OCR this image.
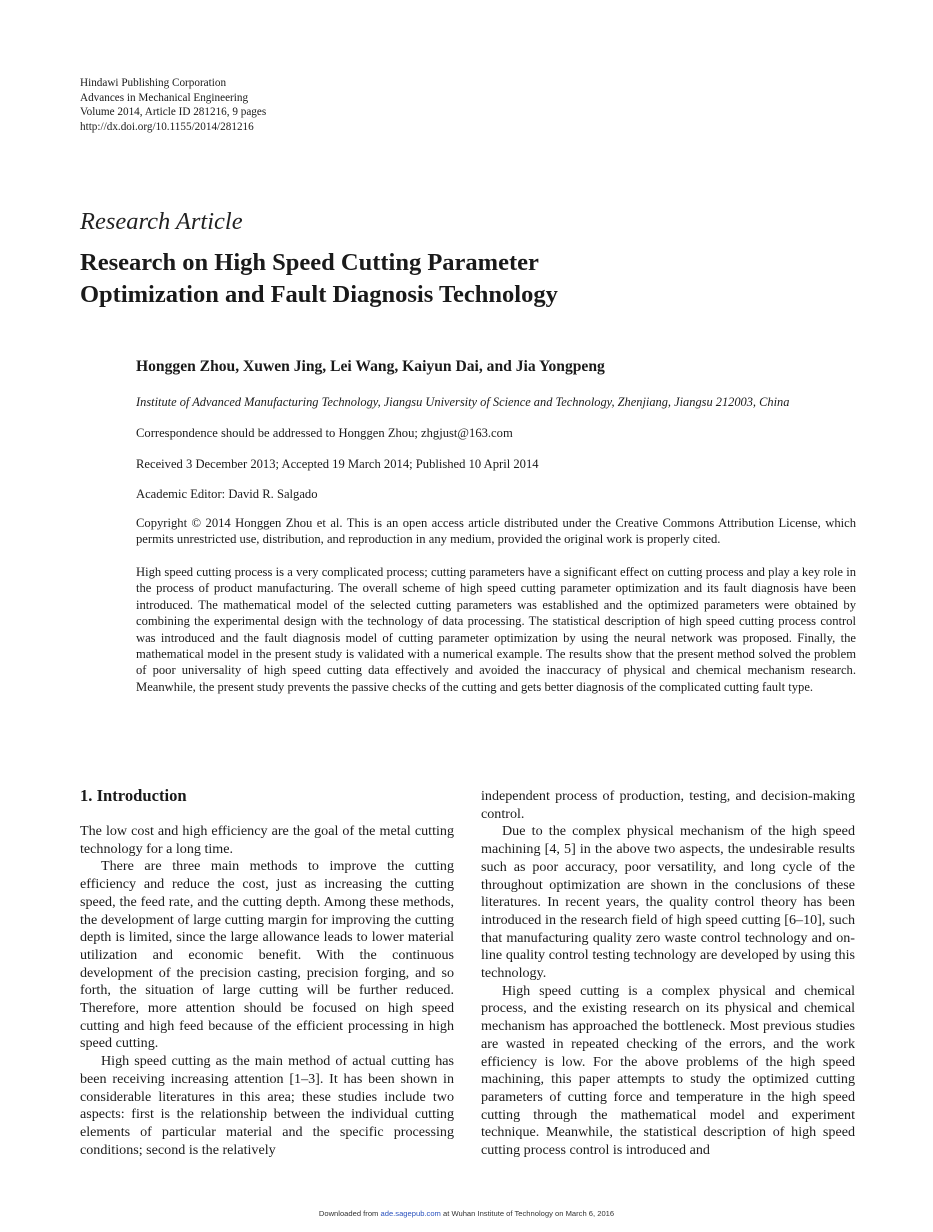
Hindawi Publishing Corporation
Advances in Mechanical Engineering
Volume 2014, Article ID 281216, 9 pages
http://dx.doi.org/10.1155/2014/281216
Research Article
Research on High Speed Cutting Parameter
Optimization and Fault Diagnosis Technology
Honggen Zhou, Xuwen Jing, Lei Wang, Kaiyun Dai, and Jia Yongpeng
Institute of Advanced Manufacturing Technology, Jiangsu University of Science and Technology, Zhenjiang, Jiangsu 212003, China
Correspondence should be addressed to Honggen Zhou; zhgjust@163.com
Received 3 December 2013; Accepted 19 March 2014; Published 10 April 2014
Academic Editor: David R. Salgado
Copyright © 2014 Honggen Zhou et al. This is an open access article distributed under the Creative Commons Attribution License, which permits unrestricted use, distribution, and reproduction in any medium, provided the original work is properly cited.
High speed cutting process is a very complicated process; cutting parameters have a significant effect on cutting process and play a key role in the process of product manufacturing. The overall scheme of high speed cutting parameter optimization and its fault diagnosis have been introduced. The mathematical model of the selected cutting parameters was established and the optimized parameters were obtained by combining the experimental design with the technology of data processing. The statistical description of high speed cutting process control was introduced and the fault diagnosis model of cutting parameter optimization by using the neural network was proposed. Finally, the mathematical model in the present study is validated with a numerical example. The results show that the present method solved the problem of poor universality of high speed cutting data effectively and avoided the inaccuracy of physical and chemical mechanism research. Meanwhile, the present study prevents the passive checks of the cutting and gets better diagnosis of the complicated cutting fault type.
1. Introduction

The low cost and high efficiency are the goal of the metal cutting technology for a long time.

There are three main methods to improve the cutting efficiency and reduce the cost, just as increasing the cutting speed, the feed rate, and the cutting depth. Among these methods, the development of large cutting margin for improving the cutting depth is limited, since the large allowance leads to lower material utilization and economic benefit. With the continuous development of the precision casting, precision forging, and so forth, the situation of large cutting will be further reduced. Therefore, more attention should be focused on high speed cutting and high feed because of the efficient processing in high speed cutting.

High speed cutting as the main method of actual cutting has been receiving increasing attention [1–3]. It has been shown in considerable literatures in this area; these studies include two aspects: first is the relationship between the individual cutting elements of particular material and the specific processing conditions; second is the relatively

independent process of production, testing, and decision-making control.

Due to the complex physical mechanism of the high speed machining [4, 5] in the above two aspects, the undesirable results such as poor accuracy, poor versatility, and long cycle of the throughout optimization are shown in the conclusions of these literatures. In recent years, the quality control theory has been introduced in the research field of high speed cutting [6–10], such that manufacturing quality zero waste control technology and on-line quality control testing technology are developed by using this technology.

High speed cutting is a complex physical and chemical process, and the existing research on its physical and chemical mechanism has approached the bottleneck. Most previous studies are wasted in repeated checking of the errors, and the work efficiency is low. For the above problems of the high speed machining, this paper attempts to study the optimized cutting parameters of cutting force and temperature in the high speed cutting through the mathematical model and experiment technique. Meanwhile, the statistical description of high speed cutting process control is introduced and

Downloaded from ade.sagepub.com at Wuhan Institute of Technology on March 6, 2016
